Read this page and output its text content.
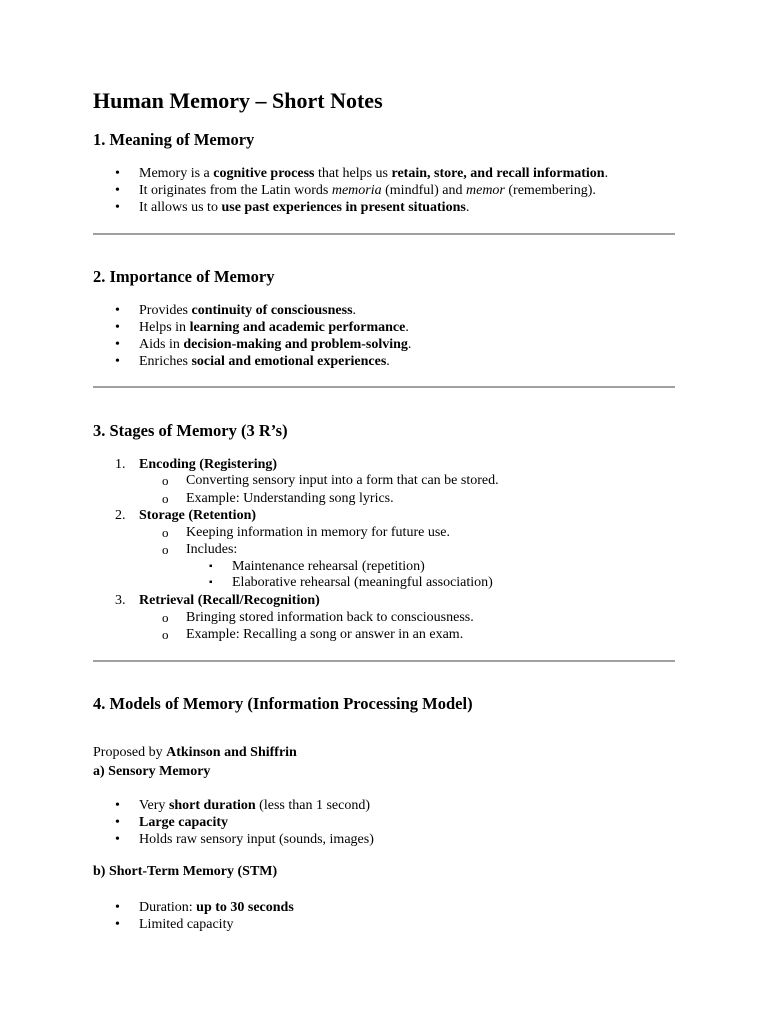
Human Memory – Short Notes
1. Meaning of Memory
• Memory is a cognitive process that helps us retain, store, and recall information.
• It originates from the Latin words memoria (mindful) and memor (remembering).
• It allows us to use past experiences in present situations.
2. Importance of Memory
• Provides continuity of consciousness.
• Helps in learning and academic performance.
• Aids in decision-making and problem-solving.
• Enriches social and emotional experiences.
3. Stages of Memory (3 R’s)
1. Encoding (Registering)
o Converting sensory input into a form that can be stored.
o Example: Understanding song lyrics.
2. Storage (Retention)
o Keeping information in memory for future use.
o Includes:
▪ Maintenance rehearsal (repetition)
▪ Elaborative rehearsal (meaningful association)
3. Retrieval (Recall/Recognition)
o Bringing stored information back to consciousness.
o Example: Recalling a song or answer in an exam.
4. Models of Memory (Information Processing Model)

Proposed by Atkinson and Shiffrin

a) Sensory Memory
• Very short duration (less than 1 second)
• Large capacity
• Holds raw sensory input (sounds, images)
b) Short-Term Memory (STM)
• Duration: up to 30 seconds
• Limited capacity
